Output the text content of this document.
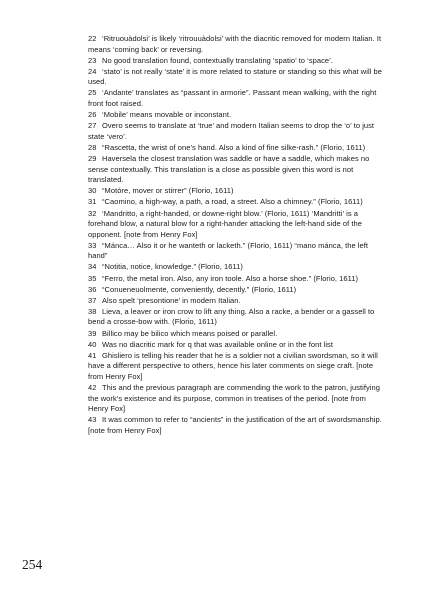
22 ‘Ritruouàdolsi’ is likely ‘ritrouuàdolsi’ with the diacritic removed for modern Italian. It means ‘coming back’ or reversing.

23 No good translation found, contextually translating ‘spatio’ to ‘space’.

24 ‘stato’ is not really ‘state’ it is more related to stature or standing so this what will be used.

25 ‘Andante’ translates as “passant in armorie”. Passant mean walking, with the right front foot raised.

26 ‘Mobile’ means movable or inconstant.

27 Overo seems to translate at ‘true’ and modern Italian seems to drop the ‘o’ to just state ‘vero’.

28 “Rascetta, the wrist of one’s hand. Also a kind of fine silke-rash.” (Florio, 1611)

29 Haversela the closest translation was saddle or have a saddle, which makes no sense contextually. This translation is a close as possible given this word is not translated.

30 “Motóre, mover or stirrer” (Florio, 1611)

31 “Caomino, a high-way, a path, a road, a street. Also a chimney.” (Florio, 1611)

32 ‘Mandritto, a right-handed, or downe-right blow.’ (Florio, 1611) ‘Mandritti’ is a forehand blow, a natural blow for a right-hander attacking the left-hand side of the opponent. [note from Henry Fox]

33 “Mánca… Also it or he wanteth or lacketh.” (Florio, 1611) “mano mánca, the left hand”

34 “Notitia, notice, knowledge.” (Florio, 1611)

35 “Ferro, the metal iron. Also, any iron toole. Also a horse shoe.” (Florio, 1611)

36 “Conueneuolmente, conveniently, decently.” (Florio, 1611)

37 Also spelt ‘presontione’ in modern Italian.

38 Lieva, a leaver or iron crow to lift any thing. Also a racke, a bender or a gassell to bend a crosse-bow with. (Florio, 1611)

39 Billico may be bilico which means poised or parallel.

40 Was no diacritic mark for q that was available online or in the font list

41 Ghisliero is telling his reader that he is a soldier not a civilian swordsman, so it will have a different perspective to others, hence his later comments on siege craft. [note from Henry Fox]

42 This and the previous paragraph are commending the work to the patron, justifying the work’s existence and its purpose, common in treatises of the period. [note from Henry Fox]

43 It was common to refer to “ancients” in the justification of the art of swordsmanship. [note from Henry Fox]

254
